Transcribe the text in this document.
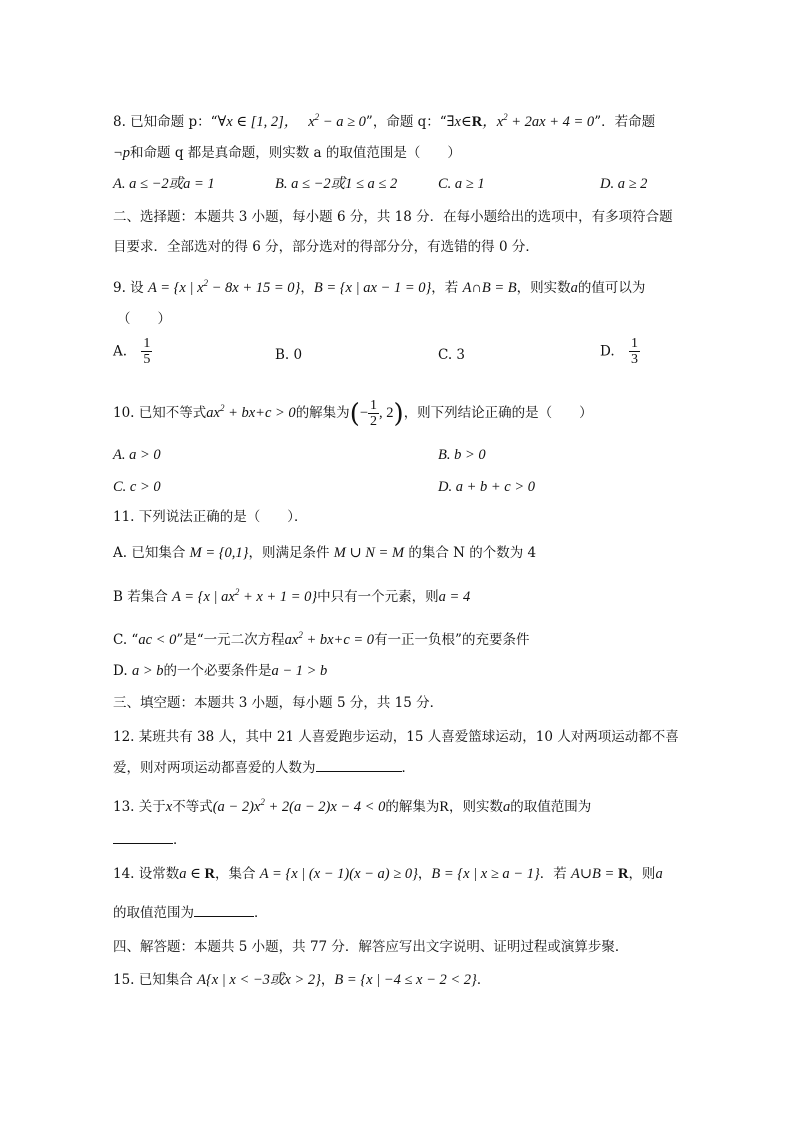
8. 已知命题 p：“∀x ∈ [1, 2]， $x^2 - a \ge 0$”，命题 q：“∃x∈R，$x^2 + 2ax + 4 = 0$”．若命题
¬p和命题 q 都是真命题，则实数 a 的取值范围是（　　）
A. a ≤ −2或a = 1	B. a ≤ −2或1 ≤ a ≤ 2	C. a ≥ 1	D. a ≥ 2
二、选择题：本题共 3 小题，每小题 6 分，共 18 分．在每小题给出的选项中，有多项符合题
目要求．全部选对的得 6 分，部分选对的得部分分，有选错的得 0 分．
9. 设 A = {x | $x^2 - 8x + 15 = 0$}，B = {x | ax − 1 = 0}，若 A∩B = B，则实数a的值可以为
（　　）
A. $\frac{1}{5}$	B. 0	C. 3	D. $\frac{1}{3}$
10. 已知不等式$ax^2 + bx+c > 0$的解集为(− $\frac{1}{2}$ , 2)，则下列结论正确的是（　　）
A. a > 0	B. b > 0
C. c > 0	D. a + b + c > 0
11. 下列说法正确的是（　　）．
A. 已知集合 M = {0,1}，则满足条件 M ∪ N = M 的集合 N 的个数为 4
B 若集合 A = {x | $ax^2 + x + 1 = 0$}中只有一个元素，则a = 4
C. “ac < 0”是“一元二次方程$ax^2 + bx+c = 0$有一正一负根”的充要条件
D. a > b的一个必要条件是a − 1 > b
三、填空题：本题共 3 小题，每小题 5 分，共 15 分．
12. 某班共有 38 人，其中 21 人喜爱跑步运动，15 人喜爱篮球运动，10 人对两项运动都不喜
爱，则对两项运动都喜爱的人数为	．
13. 关于x不等式$(a - 2)x^2 + 2(a - 2)x - 4 < 0$的解集为R，则实数a的取值范围为
．
14. 设常数a ∈ R，集合 A = {x | (x − 1)(x − a) ≥ 0}，B = {x | x ≥ a − 1}．若 A∪B = R，则a
的取值范围为	．
四、解答题：本题共 5 小题，共 77 分．解答应写出文字说明、证明过程或演算步聚．
15. 已知集合 A{x | x < −3或x > 2}，B = {x | −4 ≤ x − 2 < 2}．
